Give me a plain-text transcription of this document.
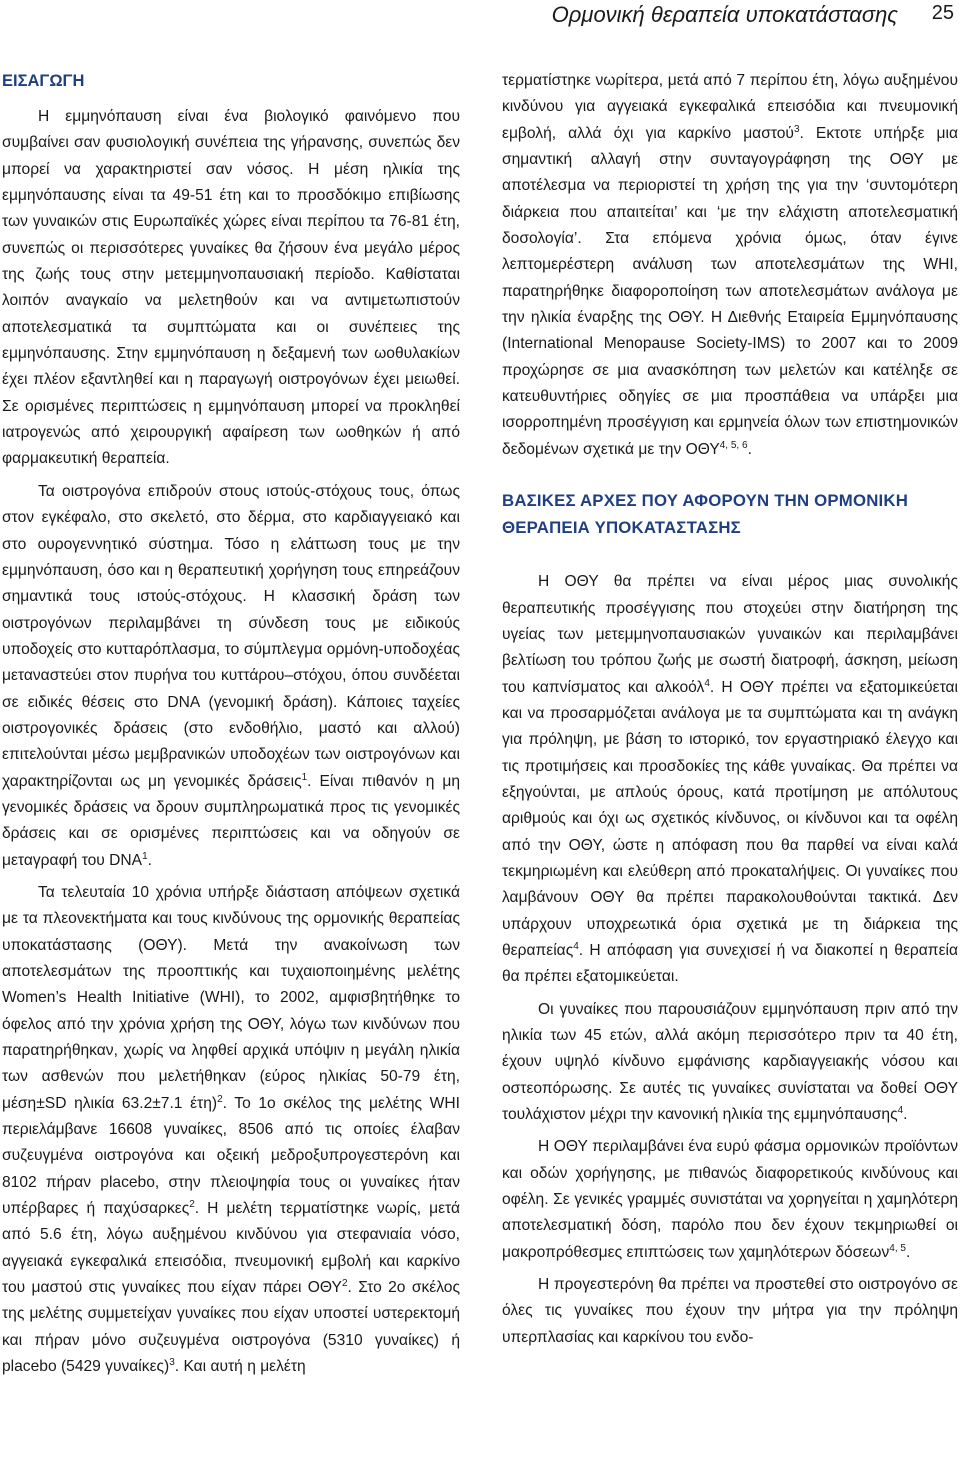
Ορμονική θεραπεία υποκατάστασης 25
ΕΙΣΑΓΩΓΗ

Η εμμηνόπαυση είναι ένα βιολογικό φαινόμενο που συμβαίνει σαν φυσιολογική συνέπεια της γήρανσης, συνεπώς δεν μπορεί να χαρακτηριστεί σαν νόσος. Η μέση ηλικία της εμμηνόπαυσης είναι τα 49-51 έτη και το προσδόκιμο επιβίωσης των γυναικών στις Ευρωπαϊκές χώρες είναι περίπου τα 76-81 έτη, συνεπώς οι περισσότερες γυναίκες θα ζήσουν ένα μεγάλο μέρος της ζωής τους στην μετεμμηνοπαυσιακή περίοδο. Καθίσταται λοιπόν αναγκαίο να μελετηθούν και να αντιμετωπιστούν αποτελεσματικά τα συμπτώματα και οι συνέπειες της εμμηνόπαυσης. Στην εμμηνόπαυση η δεξαμενή των ωοθυλακίων έχει πλέον εξαντληθεί και η παραγωγή οιστρογόνων έχει μειωθεί. Σε ορισμένες περιπτώσεις η εμμηνόπαυση μπορεί να προκληθεί ιατρογενώς από χειρουργική αφαίρεση των ωοθηκών ή από φαρμακευτική θεραπεία.

Τα οιστρογόνα επιδρούν στους ιστούς-στόχους τους, όπως στον εγκέφαλο, στο σκελετό, στο δέρμα, στο καρδιαγγειακό και στο ουρογεννητικό σύστημα. Τόσο η ελάττωση τους με την εμμηνόπαυση, όσο και η θεραπευτική χορήγηση τους επηρεάζουν σημαντικά τους ιστούς-στόχους. Η κλασσική δράση των οιστρογόνων περιλαμβάνει τη σύνδεση τους με ειδικούς υποδοχείς στο κυτταρόπλασμα, το σύμπλεγμα ορμόνη-υποδοχέας μεταναστεύει στον πυρήνα του κυττάρου–στόχου, όπου συνδέεται σε ειδικές θέσεις στο DNA (γενομική δράση). Κάποιες ταχείες οιστρογονικές δράσεις (στο ενδοθήλιο, μαστό και αλλού) επιτελούνται μέσω μεμβρανικών υποδοχέων των οιστρογόνων και χαρακτηρίζονται ως μη γενομικές δράσεις$^1$. Είναι πιθανόν η μη γενομικές δράσεις να δρουν συμπληρωματικά προς τις γενομικές δράσεις και σε ορισμένες περιπτώσεις και να οδηγούν σε μεταγραφή του DNA$^1$.

Τα τελευταία 10 χρόνια υπήρξε διάσταση απόψεων σχετικά με τα πλεονεκτήματα και τους κινδύνους της ορμονικής θεραπείας υποκατάστασης (ΟΘΥ). Μετά την ανακοίνωση των αποτελεσμάτων της προοπτικής και τυχαιοποιημένης μελέτης Women’s Health Initiative (WHI), το 2002, αμφισβητήθηκε το όφελος από την χρόνια χρήση της ΟΘΥ, λόγω των κινδύνων που παρατηρήθηκαν, χωρίς να ληφθεί αρχικά υπόψιν η μεγάλη ηλικία των ασθενών που μελετήθηκαν (εύρος ηλικίας 50-79 έτη, μέση±SD ηλικία 63.2±7.1 έτη)$^2$. Το 1ο σκέλος της μελέτης WHI περιελάμβανε 16608 γυναίκες, 8506 από τις οποίες έλαβαν συζευγμένα οιστρογόνα και οξεική μεδροξυπρογεστερόνη και 8102 πήραν placebo, στην πλειοψηφία τους οι γυναίκες ήταν υπέρβαρες ή παχύσαρκες$^2$. Η μελέτη τερματίστηκε νωρίς, μετά από 5.6 έτη, λόγω αυξημένου κινδύνου για στεφανιαία νόσο, αγγειακά εγκεφαλικά επεισόδια, πνευμονική εμβολή και καρκίνο του μαστού στις γυναίκες που είχαν πάρει ΟΘΥ$^2$. Στο 2ο σκέλος της μελέτης συμμετείχαν γυναίκες που είχαν υποστεί υστερεκτομή και πήραν μόνο συζευγμένα οιστρογόνα (5310 γυναίκες) ή placebo (5429 γυναίκες)$^3$. Και αυτή η μελέτη

τερματίστηκε νωρίτερα, μετά από 7 περίπου έτη, λόγω αυξημένου κινδύνου για αγγειακά εγκεφαλικά επεισόδια και πνευμονική εμβολή, αλλά όχι για καρκίνο μαστού$^3$. Εκτοτε υπήρξε μια σημαντική αλλαγή στην συνταγογράφηση της ΟΘΥ με αποτέλεσμα να περιοριστεί τη χρήση της για την ‘συντομότερη διάρκεια που απαιτείται’ και ‘με την ελάχιστη αποτελεσματική δοσολογία’. Στα επόμενα χρόνια όμως, όταν έγινε λεπτομερέστερη ανάλυση των αποτελεσμάτων της WHI, παρατηρήθηκε διαφοροποίηση των αποτελεσμάτων ανάλογα με την ηλικία έναρξης της ΟΘΥ. Η Διεθνής Εταιρεία Εμμηνόπαυσης (International Menopause Society-IMS) το 2007 και το 2009 προχώρησε σε μια ανασκόπηση των μελετών και κατέληξε σε κατευθυντήριες οδηγίες σε μια προσπάθεια να υπάρξει μια ισορροπημένη προσέγγιση και ερμηνεία όλων των επιστημονικών δεδομένων σχετικά με την ΟΘΥ$^{4, 5, 6}$.

ΒΑΣΙΚΕΣ ΑΡΧΕΣ ΠΟΥ ΑΦΟΡΟΥΝ ΤΗΝ ΟΡΜΟΝΙΚΗ ΘΕΡΑΠΕΙΑ ΥΠΟΚΑΤΑΣΤΑΣΗΣ

Η ΟΘΥ θα πρέπει να είναι μέρος μιας συνολικής θεραπευτικής προσέγγισης που στοχεύει στην διατήρηση της υγείας των μετεμμηνοπαυσιακών γυναικών και περιλαμβάνει βελτίωση του τρόπου ζωής με σωστή διατροφή, άσκηση, μείωση του καπνίσματος και αλκοόλ$^4$. Η ΟΘΥ πρέπει να εξατομικεύεται και να προσαρμόζεται ανάλογα με τα συμπτώματα και τη ανάγκη για πρόληψη, με βάση το ιστορικό, τον εργαστηριακό έλεγχο και τις προτιμήσεις και προσδοκίες της κάθε γυναίκας. Θα πρέπει να εξηγούνται, με απλούς όρους, κατά προτίμηση με απόλυτους αριθμούς και όχι ως σχετικός κίνδυνος, οι κίνδυνοι και τα οφέλη από την ΟΘΥ, ώστε η απόφαση που θα παρθεί να είναι καλά τεκμηριωμένη και ελεύθερη από προκαταλήψεις. Οι γυναίκες που λαμβάνουν ΟΘΥ θα πρέπει παρακολουθούνται τακτικά. Δεν υπάρχουν υποχρεωτικά όρια σχετικά με τη διάρκεια της θεραπείας$^4$. Η απόφαση για συνεχισεί ή να διακοπεί η θεραπεία θα πρέπει εξατομικεύεται.

Οι γυναίκες που παρουσιάζουν εμμηνόπαυση πριν από την ηλικία των 45 ετών, αλλά ακόμη περισσότερο πριν τα 40 έτη, έχουν υψηλό κίνδυνο εμφάνισης καρδιαγγειακής νόσου και οστεοπόρωσης. Σε αυτές τις γυναίκες συνίσταται να δοθεί ΟΘΥ τουλάχιστον μέχρι την κανονική ηλικία της εμμηνόπαυσης$^4$.

Η ΟΘΥ περιλαμβάνει ένα ευρύ φάσμα ορμονικών προϊόντων και οδών χορήγησης, με πιθανώς διαφορετικούς κινδύνους και οφέλη. Σε γενικές γραμμές συνιστάται να χορηγείται η χαμηλότερη αποτελεσματική δόση, παρόλο που δεν έχουν τεκμηριωθεί οι μακροπρόθεσμες επιπτώσεις των χαμηλότερων δόσεων$^{4, 5}$.

Η προγεστερόνη θα πρέπει να προστεθεί στο οιστρογόνο σε όλες τις γυναίκες που έχουν την μήτρα για την πρόληψη υπερπλασίας και καρκίνου του ενδο-
